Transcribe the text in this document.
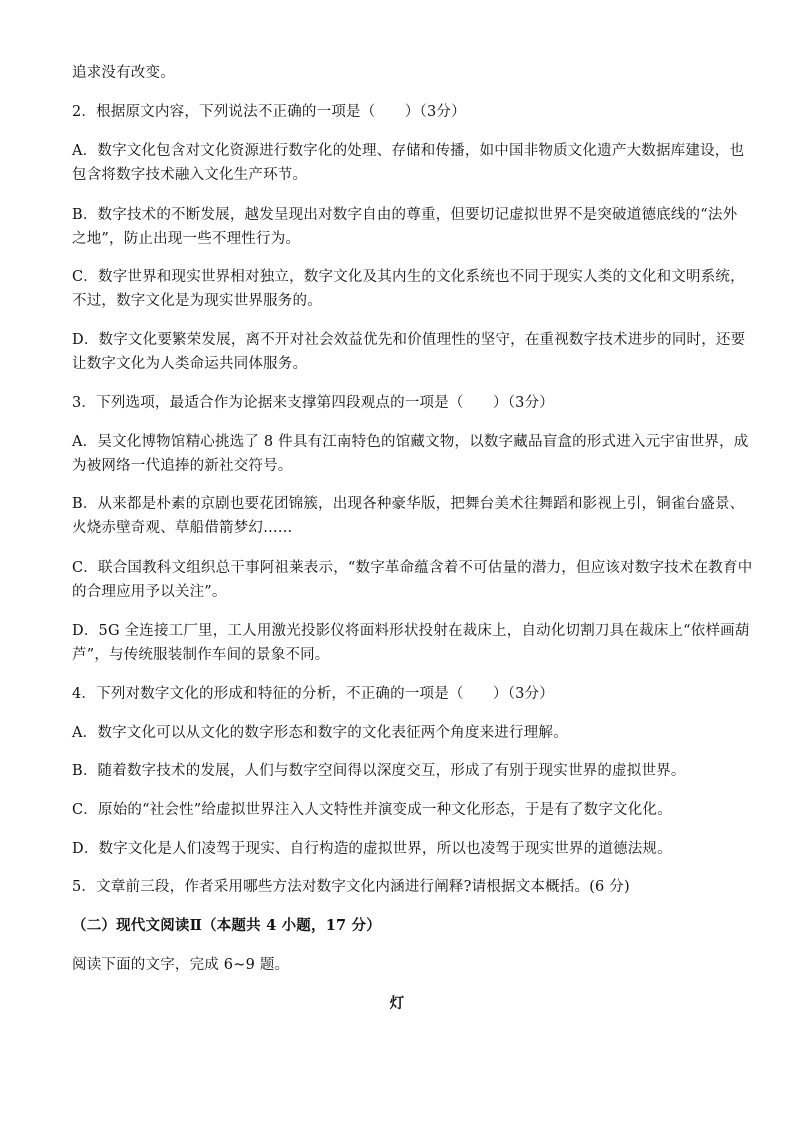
追求没有改变。
2．根据原文内容，下列说法不正确的一项是（　　）（3分）
A．数字文化包含对文化资源进行数字化的处理、存储和传播，如中国非物质文化遗产大数据库建设，也
包含将数字技术融入文化生产环节。
B．数字技术的不断发展，越发呈现出对数字自由的尊重，但要切记虚拟世界不是突破道德底线的“法外
之地”，防止出现一些不理性行为。
C．数字世界和现实世界相对独立，数字文化及其内生的文化系统也不同于现实人类的文化和文明系统，
不过，数字文化是为现实世界服务的。
D．数字文化要繁荣发展，离不开对社会效益优先和价值理性的坚守，在重视数字技术进步的同时，还要
让数字文化为人类命运共同体服务。
3．下列选项，最适合作为论据来支撑第四段观点的一项是（　　）（3分）
A．吴文化博物馆精心挑选了 8 件具有江南特色的馆藏文物，以数字藏品盲盒的形式进入元宇宙世界，成
为被网络一代追捧的新社交符号。
B．从来都是朴素的京剧也要花团锦簇，出现各种豪华版，把舞台美术往舞蹈和影视上引，铜雀台盛景、
火烧赤壁奇观、草船借箭梦幻……
C．联合国教科文组织总干事阿祖莱表示，“数字革命蕴含着不可估量的潜力，但应该对数字技术在教育中
的合理应用予以关注”。
D．5G 全连接工厂里，工人用激光投影仪将面料形状投射在裁床上，自动化切割刀具在裁床上“依样画葫
芦”，与传统服装制作车间的景象不同。
4．下列对数字文化的形成和特征的分析，不正确的一项是（　　）（3分）
A．数字文化可以从文化的数字形态和数字的文化表征两个角度来进行理解。
B．随着数字技术的发展，人们与数字空间得以深度交互，形成了有别于现实世界的虚拟世界。
C．原始的“社会性”给虚拟世界注入人文特性并演变成一种文化形态，于是有了数字文化化。
D．数字文化是人们凌驾于现实、自行构造的虚拟世界，所以也凌驾于现实世界的道德法规。
5．文章前三段，作者采用哪些方法对数字文化内涵进行阐释?请根据文本概括。(6 分)
（二）现代文阅读Ⅱ（本题共 4 小题，17 分）
阅读下面的文字，完成 6~9 题。
灯
